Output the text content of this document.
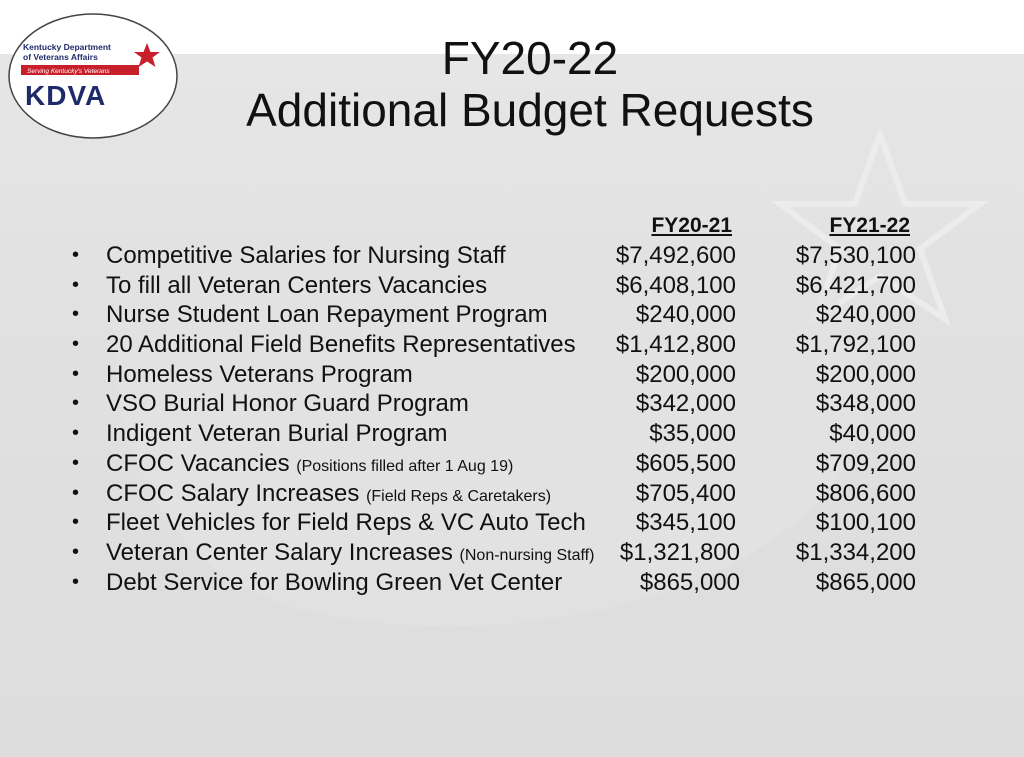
Kentucky Department
of Veterans Affairs
Serving Kentucky's Veterans
KDVA
FY20-22
Additional Budget Requests
FY20-21	FY21-22
• Competitive Salaries for Nursing Staff	$7,492,600	$7,530,100
• To fill all Veteran Centers Vacancies	$6,408,100	$6,421,700
• Nurse Student Loan Repayment Program	$240,000	$240,000
• 20 Additional Field Benefits Representatives	$1,412,800	$1,792,100
• Homeless Veterans Program	$200,000	$200,000
• VSO Burial Honor Guard Program	$342,000	$348,000
• Indigent Veteran Burial Program	$35,000	$40,000
• CFOC Vacancies (Positions filled after 1 Aug 19)	$605,500	$709,200
• CFOC Salary Increases (Field Reps & Caretakers)	$705,400	$806,600
• Fleet Vehicles for Field Reps & VC Auto Tech	$345,100	$100,100
• Veteran Center Salary Increases (Non-nursing Staff)	$1,321,800	$1,334,200
• Debt Service for Bowling Green Vet Center	$865,000	$865,000
